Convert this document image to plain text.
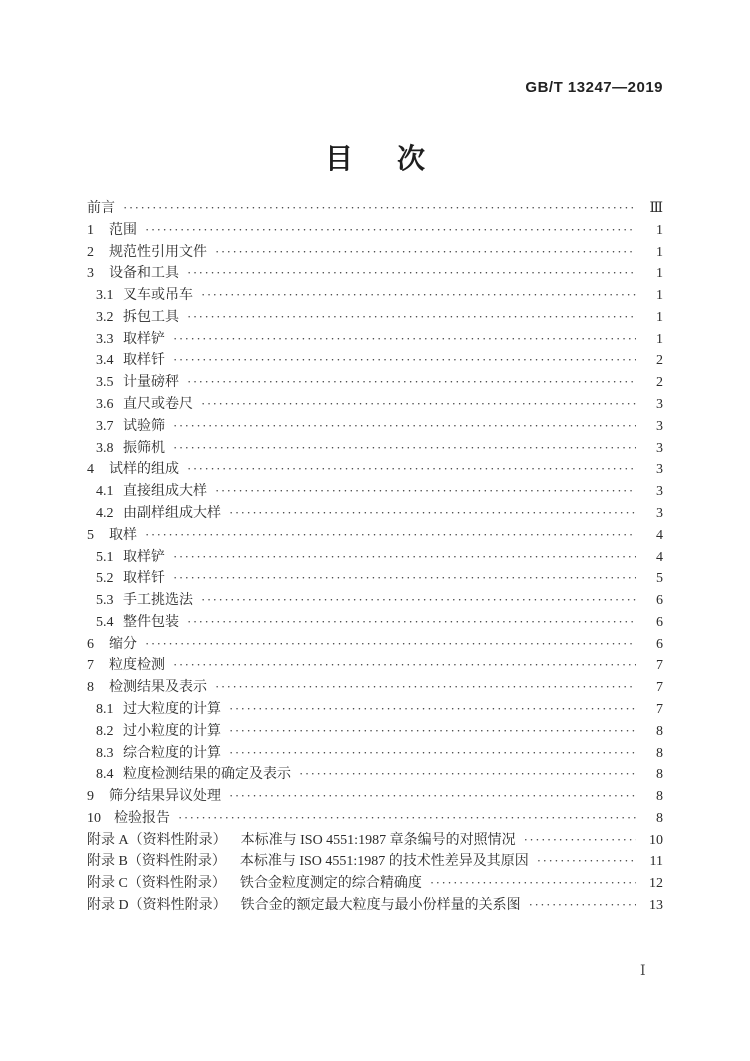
GB/T 13247—2019
目　次
前言 ·····	Ⅲ
1 范围 ·····	1
2 规范性引用文件 ·····	1
3 设备和工具 ·····	1
3.1 叉车或吊车 ·····	1
3.2 拆包工具 ·····	1
3.3 取样铲 ·····	1
3.4 取样钎 ·····	2
3.5 计量磅秤 ·····	2
3.6 直尺或卷尺 ·····	3
3.7 试验筛 ·····	3
3.8 振筛机 ·····	3
4 试样的组成 ·····	3
4.1 直接组成大样 ·····	3
4.2 由副样组成大样 ·····	3
5 取样 ·····	4
5.1 取样铲 ·····	4
5.2 取样钎 ·····	5
5.3 手工挑选法 ·····	6
5.4 整件包装 ·····	6
6 缩分 ·····	6
7 粒度检测 ·····	7
8 检测结果及表示 ·····	7
8.1 过大粒度的计算 ·····	7
8.2 过小粒度的计算 ·····	8
8.3 综合粒度的计算 ·····	8
8.4 粒度检测结果的确定及表示 ·····	8
9 筛分结果异议处理 ·····	8
10 检验报告 ·····	8
附录 A（资料性附录） 本标准与 ISO 4551:1987 章条编号的对照情况 ·····	10
附录 B（资料性附录） 本标准与 ISO 4551:1987 的技术性差异及其原因 ·····	11
附录 C（资料性附录） 铁合金粒度测定的综合精确度 ·····	12
附录 D（资料性附录） 铁合金的额定最大粒度与最小份样量的关系图 ·····	13
Ⅰ
